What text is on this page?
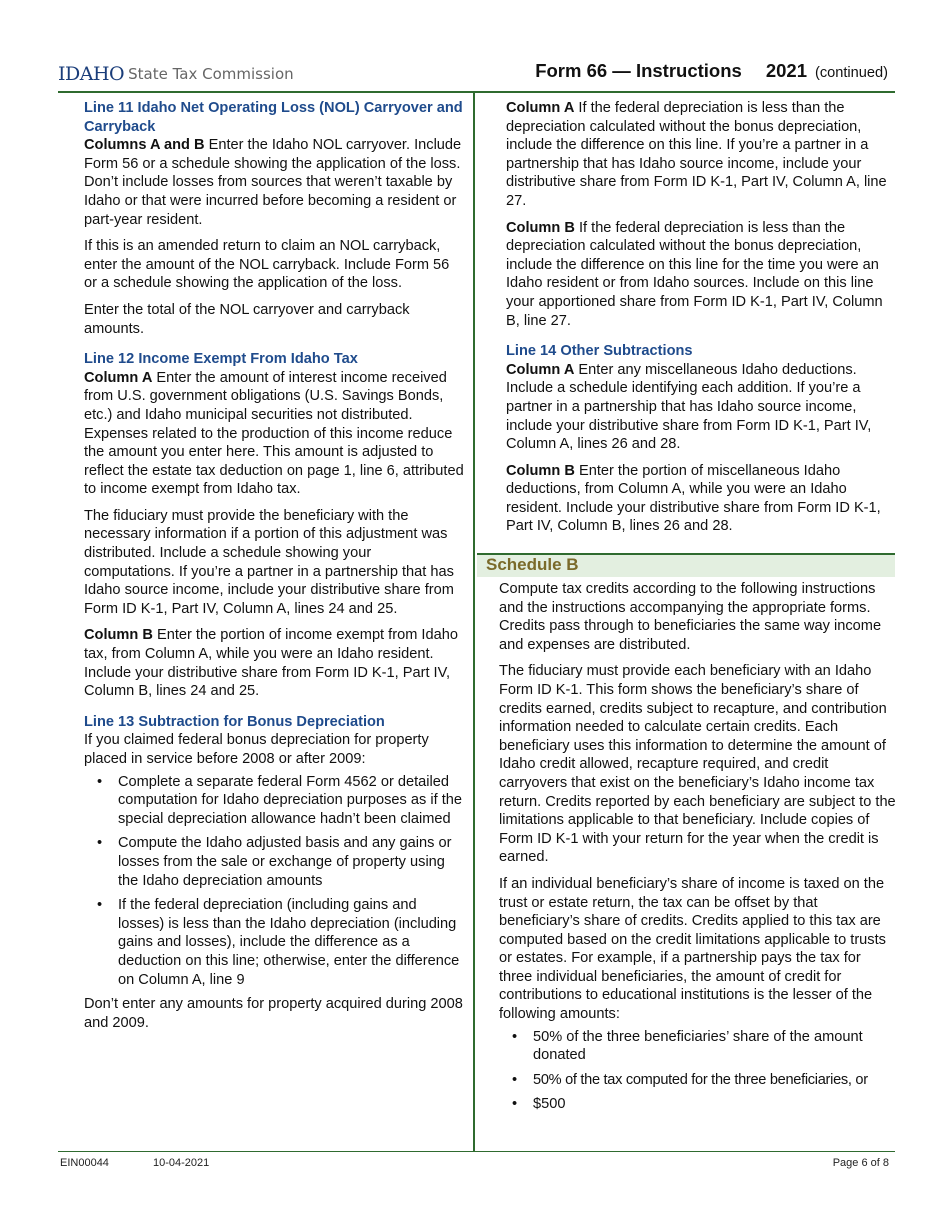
IDAHO State Tax Commission	Form 66 — Instructions 2021 (continued)

Line 11 Idaho Net Operating Loss (NOL) Carryover and Carryback

Columns A and B Enter the Idaho NOL carryover. Include Form 56 or a schedule showing the application of the loss. Don’t include losses from sources that weren’t taxable by Idaho or that were incurred before becoming a resident or part-year resident.

If this is an amended return to claim an NOL carryback, enter the amount of the NOL carryback. Include Form 56 or a schedule showing the application of the loss.

Enter the total of the NOL carryover and carryback amounts.

Line 12 Income Exempt From Idaho Tax

Column A Enter the amount of interest income received from U.S. government obligations (U.S. Savings Bonds, etc.) and Idaho municipal securities not distributed. Expenses related to the production of this income reduce the amount you enter here. This amount is adjusted to reflect the estate tax deduction on page 1, line 6, attributed to income exempt from Idaho tax.

The fiduciary must provide the beneficiary with the necessary information if a portion of this adjustment was distributed. Include a schedule showing your computations. If you’re a partner in a partnership that has Idaho source income, include your distributive share from Form ID K-1, Part IV, Column A, lines 24 and 25.

Column B Enter the portion of income exempt from Idaho tax, from Column A, while you were an Idaho resident. Include your distributive share from Form ID K-1, Part IV, Column B, lines 24 and 25.

Line 13 Subtraction for Bonus Depreciation

If you claimed federal bonus depreciation for property placed in service before 2008 or after 2009:

• Complete a separate federal Form 4562 or detailed computation for Idaho depreciation purposes as if the special depreciation allowance hadn’t been claimed
• Compute the Idaho adjusted basis and any gains or losses from the sale or exchange of property using the Idaho depreciation amounts
• If the federal depreciation (including gains and losses) is less than the Idaho depreciation (including gains and losses), include the difference as a deduction on this line; otherwise, enter the difference on Column A, line 9

Don’t enter any amounts for property acquired during 2008 and 2009.

Column A If the federal depreciation is less than the depreciation calculated without the bonus depreciation, include the difference on this line. If you’re a partner in a partnership that has Idaho source income, include your distributive share from Form ID K-1, Part IV, Column A, line 27.

Column B If the federal depreciation is less than the depreciation calculated without the bonus depreciation, include the difference on this line for the time you were an Idaho resident or from Idaho sources. Include on this line your apportioned share from Form ID K-1, Part IV, Column B, line 27.

Line 14 Other Subtractions

Column A Enter any miscellaneous Idaho deductions. Include a schedule identifying each addition. If you’re a partner in a partnership that has Idaho source income, include your distributive share from Form ID K-1, Part IV, Column A, lines 26 and 28.

Column B Enter the portion of miscellaneous Idaho deductions, from Column A, while you were an Idaho resident. Include your distributive share from Form ID K-1, Part IV, Column B, lines 26 and 28.

Schedule B

Compute tax credits according to the following instructions and the instructions accompanying the appropriate forms. Credits pass through to beneficiaries the same way income and expenses are distributed.

The fiduciary must provide each beneficiary with an Idaho Form ID K-1. This form shows the beneficiary’s share of credits earned, credits subject to recapture, and contribution information needed to calculate certain credits. Each beneficiary uses this information to determine the amount of Idaho credit allowed, recapture required, and credit carryovers that exist on the beneficiary’s Idaho income tax return. Credits reported by each beneficiary are subject to the limitations applicable to that beneficiary. Include copies of Form ID K-1 with your return for the year when the credit is earned.

If an individual beneficiary’s share of income is taxed on the trust or estate return, the tax can be offset by that beneficiary’s share of credits. Credits applied to this tax are computed based on the credit limitations applicable to trusts or estates. For example, if a partnership pays the tax for three individual beneficiaries, the amount of credit for contributions to educational institutions is the lesser of the following amounts:

• 50% of the three beneficiaries’ share of the amount donated
• 50% of the tax computed for the three beneficiaries, or
• $500
EIN00044	10-04-2021	Page 6 of 8
